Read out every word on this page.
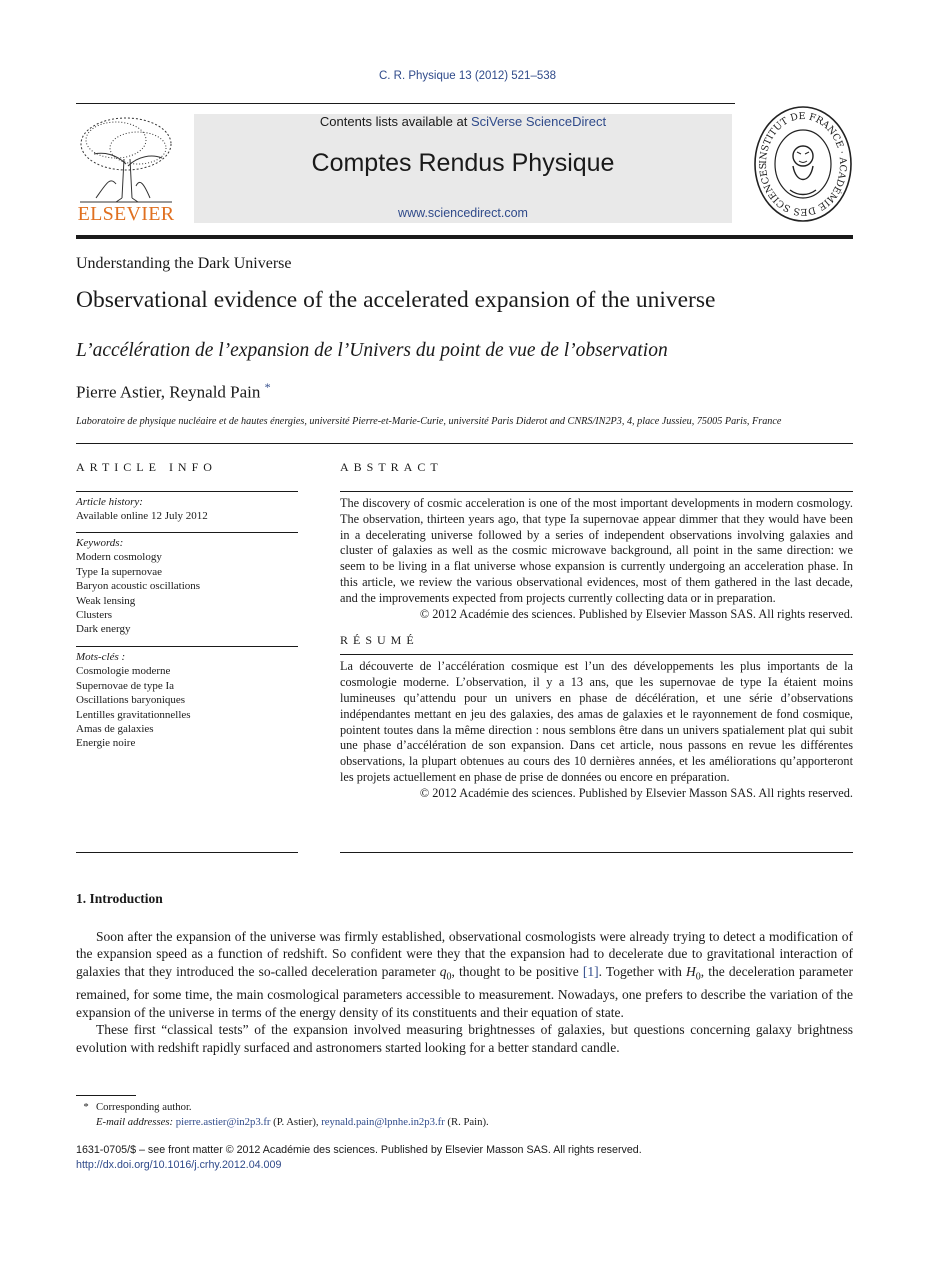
C. R. Physique 13 (2012) 521–538
ELSEVIER
Contents lists available at SciVerse ScienceDirect
Comptes Rendus Physique
www.sciencedirect.com
INSTITUT DE FRANCE · ACADÉMIE DES SCIENCES
Understanding the Dark Universe
Observational evidence of the accelerated expansion of the universe
L’accélération de l’expansion de l’Univers du point de vue de l’observation
Pierre Astier, Reynald Pain *
Laboratoire de physique nucléaire et de hautes énergies, université Pierre-et-Marie-Curie, université Paris Diderot and CNRS/IN2P3, 4, place Jussieu, 75005 Paris, France
ARTICLE INFO
Article history:
Available online 12 July 2012
Keywords:
Modern cosmology
Type Ia supernovae
Baryon acoustic oscillations
Weak lensing
Clusters
Dark energy
Mots-clés :
Cosmologie moderne
Supernovae de type Ia
Oscillations baryoniques
Lentilles gravitationnelles
Amas de galaxies
Energie noire
ABSTRACT
The discovery of cosmic acceleration is one of the most important developments in modern cosmology. The observation, thirteen years ago, that type Ia supernovae appear dimmer that they would have been in a decelerating universe followed by a series of independent observations involving galaxies and cluster of galaxies as well as the cosmic microwave background, all point in the same direction: we seem to be living in a flat universe whose expansion is currently undergoing an acceleration phase. In this article, we review the various observational evidences, most of them gathered in the last decade, and the improvements expected from projects currently collecting data or in preparation.
© 2012 Académie des sciences. Published by Elsevier Masson SAS. All rights reserved.
RÉSUMÉ
La découverte de l’accélération cosmique est l’un des développements les plus importants de la cosmologie moderne. L’observation, il y a 13 ans, que les supernovae de type Ia étaient moins lumineuses qu’attendu pour un univers en phase de décélération, et une série d’observations indépendantes mettant en jeu des galaxies, des amas de galaxies et le rayonnement de fond cosmique, pointent toutes dans la même direction : nous semblons être dans un univers spatialement plat qui subit une phase d’accélération de son expansion. Dans cet article, nous passons en revue les différentes observations, la plupart obtenues au cours des 10 dernières années, et les améliorations qu’apporteront les projets actuellement en phase de prise de données ou encore en préparation.
© 2012 Académie des sciences. Published by Elsevier Masson SAS. All rights reserved.
1. Introduction

Soon after the expansion of the universe was firmly established, observational cosmologists were already trying to detect a modification of the expansion speed as a function of redshift. So confident were they that the expansion had to decelerate due to gravitational interaction of galaxies that they introduced the so-called deceleration parameter $q_0$, thought to be positive [1]. Together with $H_0$, the deceleration parameter remained, for some time, the main cosmological parameters accessible to measurement. Nowadays, one prefers to describe the variation of the expansion of the universe in terms of the energy density of its constituents and their equation of state.

These first “classical tests” of the expansion involved measuring brightnesses of galaxies, but questions concerning galaxy brightness evolution with redshift rapidly surfaced and astronomers started looking for a better standard candle.

* Corresponding author.
E-mail addresses: pierre.astier@in2p3.fr (P. Astier), reynald.pain@lpnhe.in2p3.fr (R. Pain).
1631-0705/$ – see front matter © 2012 Académie des sciences. Published by Elsevier Masson SAS. All rights reserved.
http://dx.doi.org/10.1016/j.crhy.2012.04.009
